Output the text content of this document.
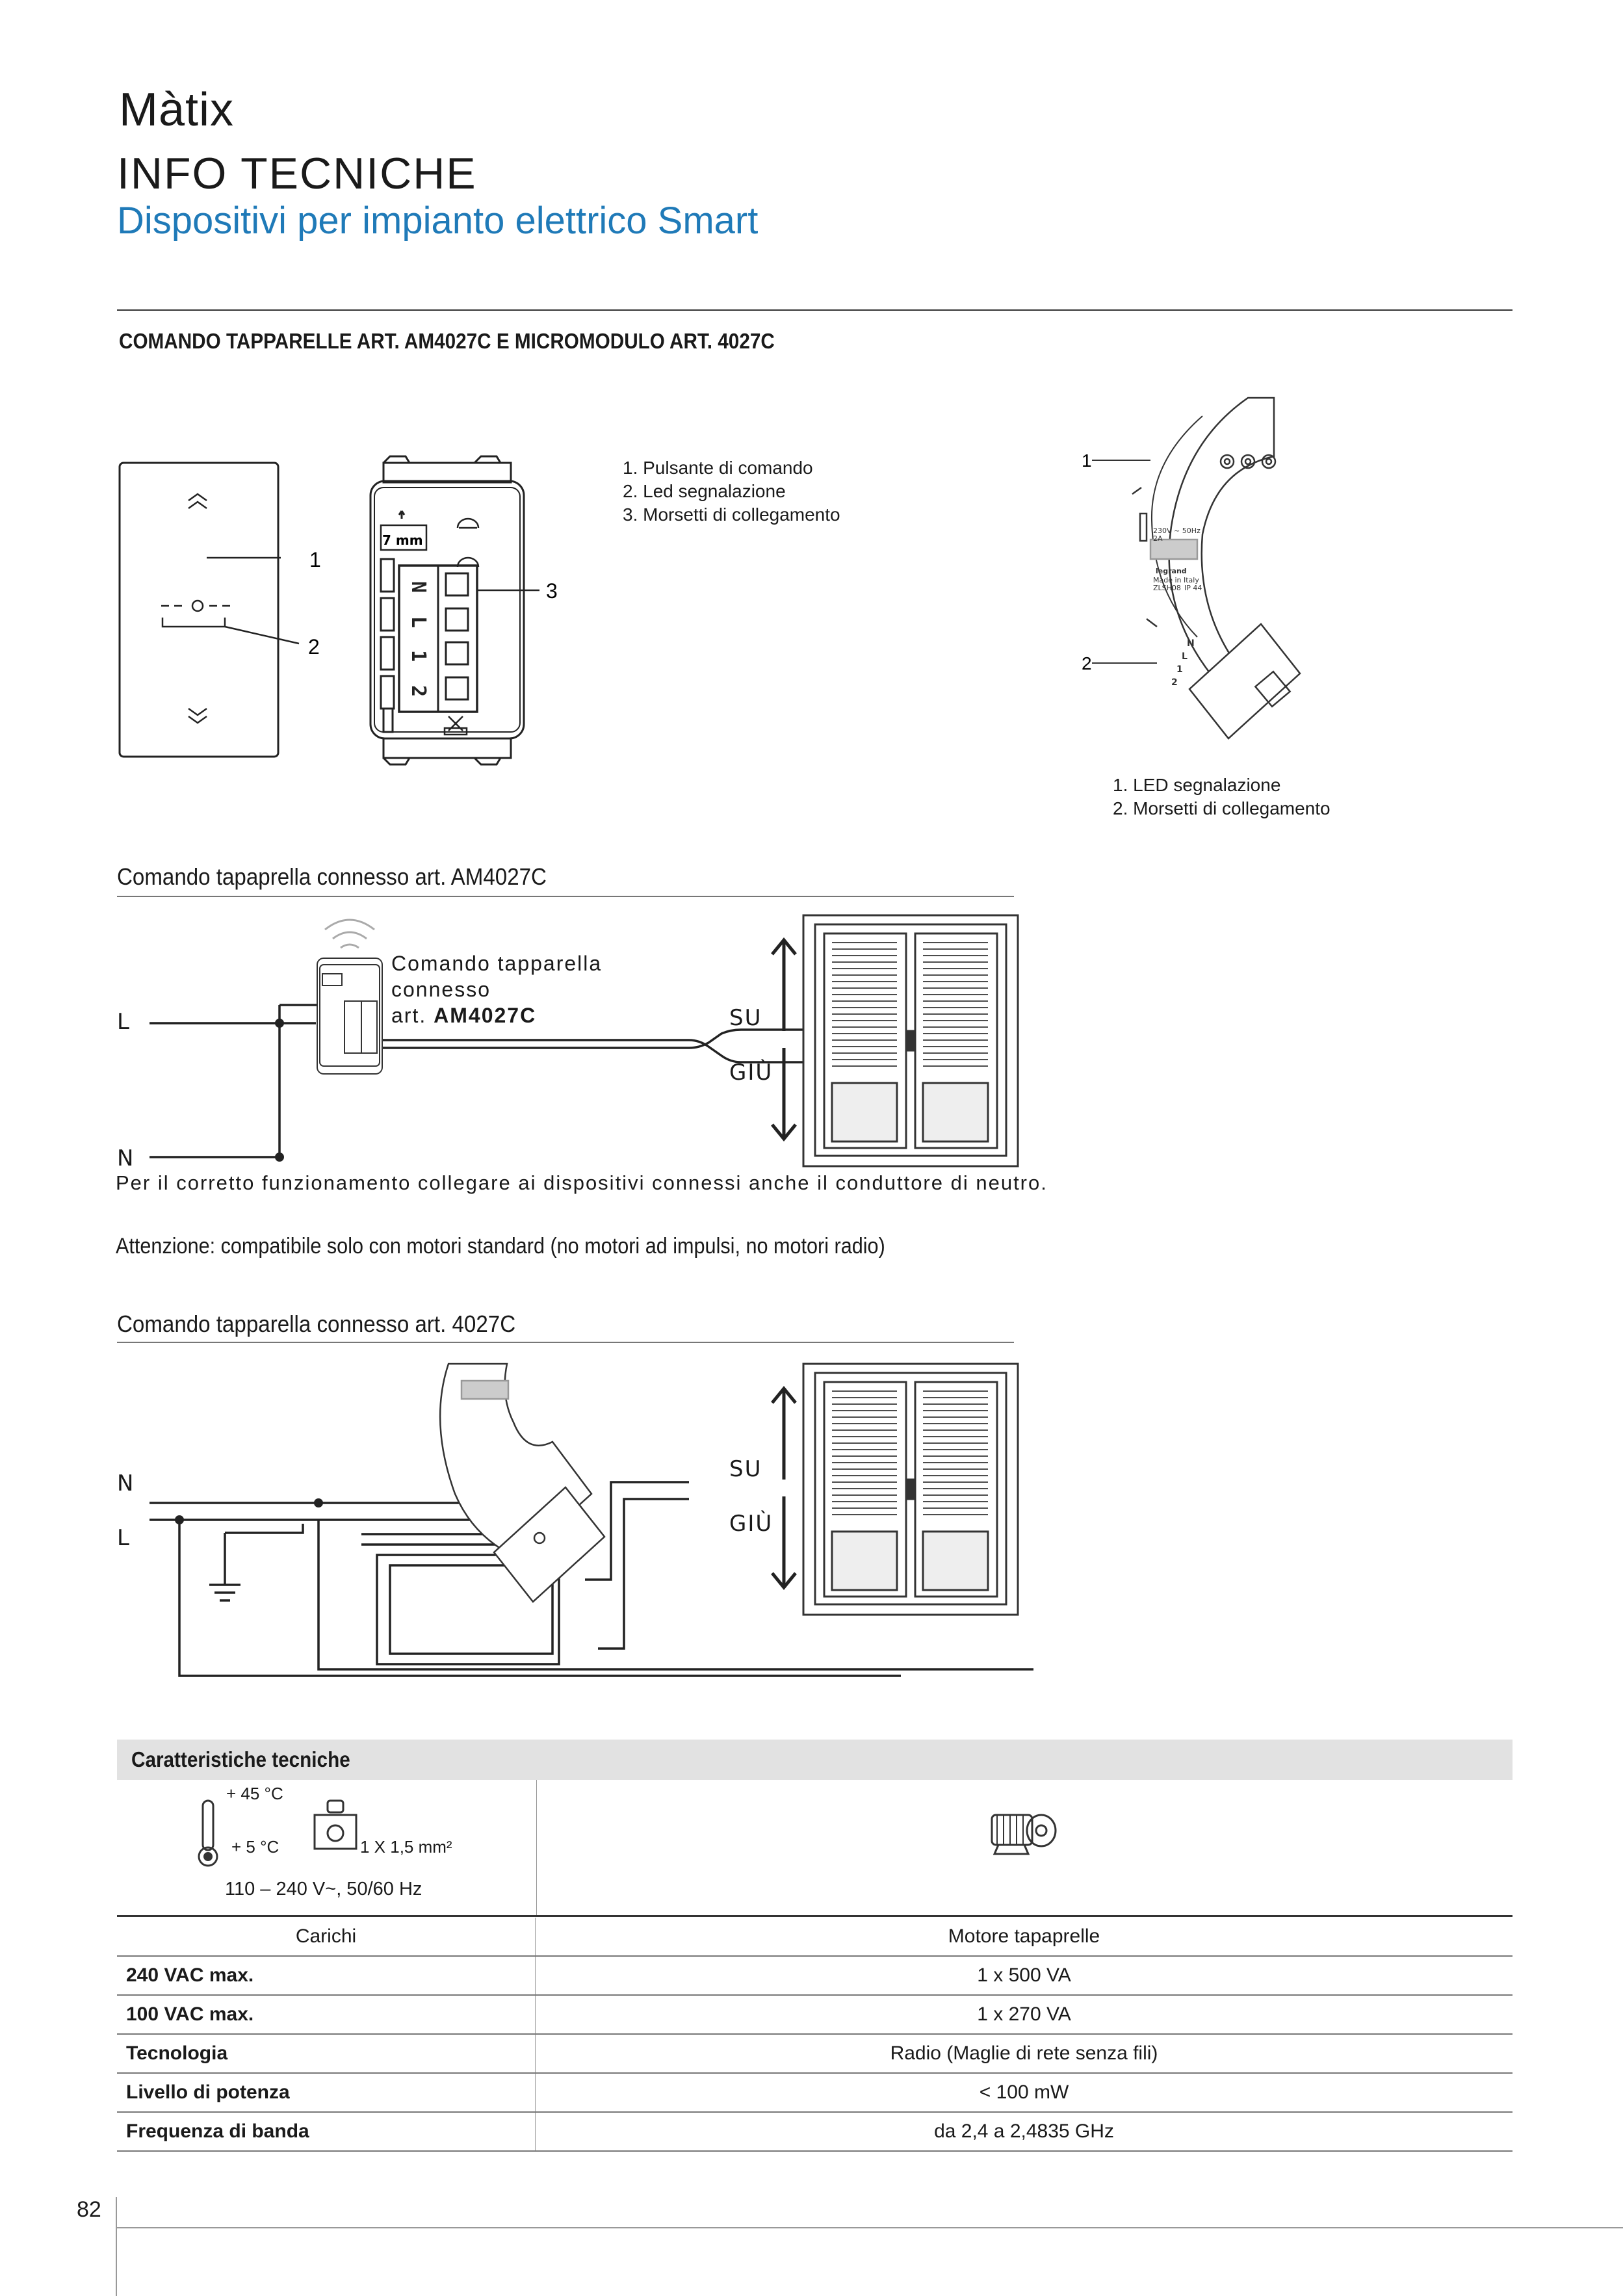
Màtix
INFO TECNICHE
Dispositivi per impianto elettrico Smart
COMANDO TAPPARELLE ART. AM4027C E MICROMODULO ART. 4027C
7 mm
N
L
1
2
1
2
3
1. Pulsante di comando
2. Led segnalazione
3. Morsetti di collegamento
230V ~ 50Hz
2A
legrand
Made in Italy
ZLSH08 IP 44
N
L
1
2
1
2
1. LED segnalazione
2. Morsetti di collegamento
Comando tapaprella connesso art. AM4027C
L
N
SU
GIÙ
Comando tapparella
connesso
art. AM4027C
Per il corretto funzionamento collegare ai dispositivi connessi anche il conduttore di neutro.
Attenzione: compatibile solo con motori standard (no motori ad impulsi, no motori radio)
Comando tapparella connesso art. 4027C
N
L
SU
GIÙ
Caratteristiche tecniche
+ 45 °C
+ 5 °C	1 X 1,5 mm²
110 – 240 V~, 50/60 Hz
Carichi	Motore tapaprelle
240 VAC max.	1 x 500 VA
100 VAC max.	1 x 270 VA
Tecnologia	Radio (Maglie di rete senza fili)
Livello di potenza	< 100 mW
Frequenza di banda	da 2,4 a 2,4835 GHz
82
